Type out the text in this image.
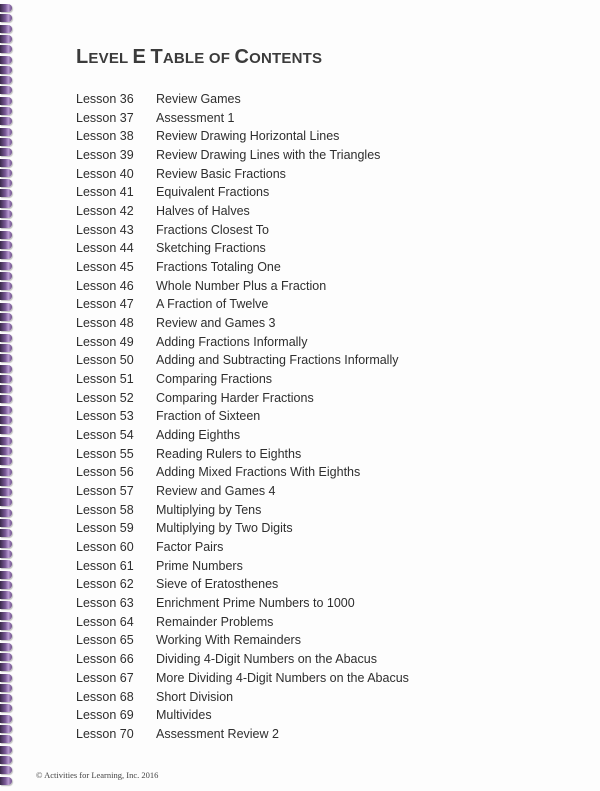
LEVEL E TABLE OF CONTENTS
Lesson 36 Review Games
Lesson 37 Assessment 1
Lesson 38 Review Drawing Horizontal Lines
Lesson 39 Review Drawing Lines with the Triangles
Lesson 40 Review Basic Fractions
Lesson 41 Equivalent Fractions
Lesson 42 Halves of Halves
Lesson 43 Fractions Closest To
Lesson 44 Sketching Fractions
Lesson 45 Fractions Totaling One
Lesson 46 Whole Number Plus a Fraction
Lesson 47 A Fraction of Twelve
Lesson 48 Review and Games 3
Lesson 49 Adding Fractions Informally
Lesson 50 Adding and Subtracting Fractions Informally
Lesson 51 Comparing Fractions
Lesson 52 Comparing Harder Fractions
Lesson 53 Fraction of Sixteen
Lesson 54 Adding Eighths
Lesson 55 Reading Rulers to Eighths
Lesson 56 Adding Mixed Fractions With Eighths
Lesson 57 Review and Games 4
Lesson 58 Multiplying by Tens
Lesson 59 Multiplying by Two Digits
Lesson 60 Factor Pairs
Lesson 61 Prime Numbers
Lesson 62 Sieve of Eratosthenes
Lesson 63 Enrichment Prime Numbers to 1000
Lesson 64 Remainder Problems
Lesson 65 Working With Remainders
Lesson 66 Dividing 4-Digit Numbers on the Abacus
Lesson 67 More Dividing 4-Digit Numbers on the Abacus
Lesson 68 Short Division
Lesson 69 Multivides
Lesson 70 Assessment Review 2
© Activities for Learning, Inc. 2016
